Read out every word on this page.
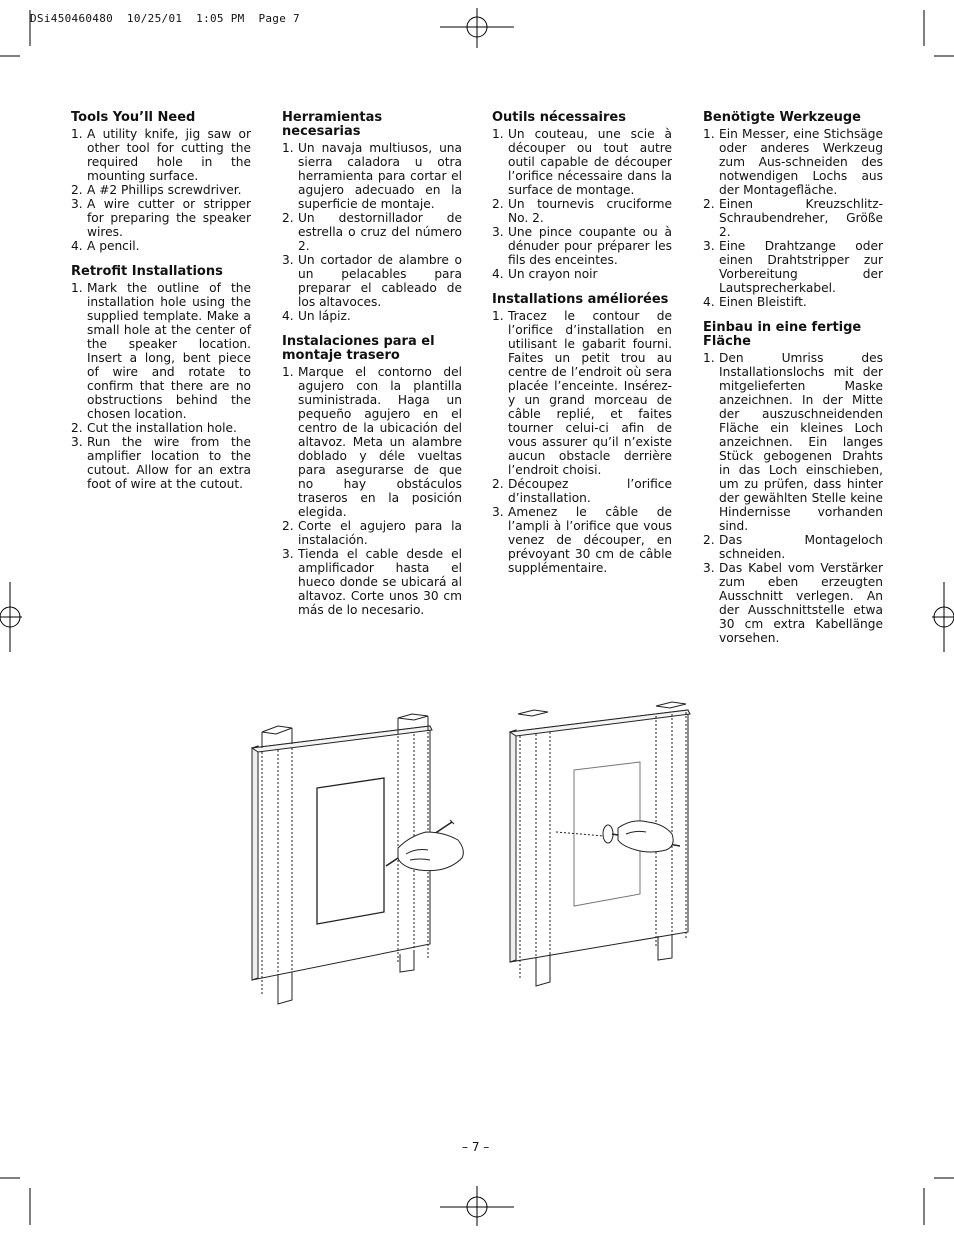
DSi450460480  10/25/01  1:05 PM  Page 7
Tools You’ll Need
1. A utility knife, jig saw or other tool for cutting the required hole in the mounting surface.
2. A #2 Phillips screwdriver.
3. A wire cutter or stripper for preparing the speaker wires.
4. A pencil.
Retrofit Installations
1. Mark the outline of the installation hole using the supplied template. Make a small hole at the center of the speaker location. Insert a long, bent piece of wire and rotate to confirm that there are no obstructions behind the chosen location.
2. Cut the installation hole.
3. Run the wire from the amplifier location to the cutout. Allow for an extra foot of wire at the cutout.
Herramientas necesarias
1. Un navaja multiusos, una sierra caladora u otra herramienta para cortar el agujero adecuado en la superficie de montaje.
2. Un destornillador de estrella o cruz del número 2.
3. Un cortador de alambre o un pelacables para preparar el cableado de los altavoces.
4. Un lápiz.
Instalaciones para el montaje trasero
1. Marque el contorno del agujero con la plantilla suministrada. Haga un pequeño agujero en el centro de la ubicación del altavoz. Meta un alambre doblado y déle vueltas para asegurarse de que no hay obstáculos traseros en la posición elegida.
2. Corte el agujero para la instalación.
3. Tienda el cable desde el amplificador hasta el hueco donde se ubicará al altavoz. Corte unos 30 cm más de lo necesario.
Outils nécessaires
1. Un couteau, une scie à découper ou tout autre outil capable de découper l’orifice nécessaire dans la surface de montage.
2. Un tournevis cruciforme No. 2.
3. Une pince coupante ou à dénuder pour préparer les fils des enceintes.
4. Un crayon noir
Installations améliorées
1. Tracez le contour de l’orifice d’installation en utilisant le gabarit fourni. Faites un petit trou au centre de l’endroit où sera placée l’enceinte. Insérez-y un grand morceau de câble replié, et faites tourner celui-ci afin de vous assurer qu’il n’existe aucun obstacle derrière l’endroit choisi.
2. Découpez l’orifice d’installation.
3. Amenez le câble de l’ampli à l’orifice que vous venez de découper, en prévoyant 30 cm de câble supplémentaire.
Benötigte Werkzeuge
1. Ein Messer, eine Stichsäge oder anderes Werkzeug zum Aus-schneiden des notwendigen Lochs aus der Montagefläche.
2. Einen Kreuzschlitz-Schraubendreher, Größe 2.
3. Eine Drahtzange oder einen Drahtstripper zur Vorbereitung der Lautsprecherkabel.
4. Einen Bleistift.
Einbau in eine fertige Fläche
1. Den Umriss des Installationslochs mit der mitgelieferten Maske anzeichnen. In der Mitte der auszuschneidenden Fläche ein kleines Loch anzeichnen. Ein langes Stück gebogenen Drahts in das Loch einschieben, um zu prüfen, dass hinter der gewählten Stelle keine Hindernisse vorhanden sind.
2. Das Montageloch schneiden.
3. Das Kabel vom Verstärker zum eben erzeugten Ausschnitt verlegen. An der Ausschnittstelle etwa 30 cm extra Kabellänge vorsehen.
– 7 –
